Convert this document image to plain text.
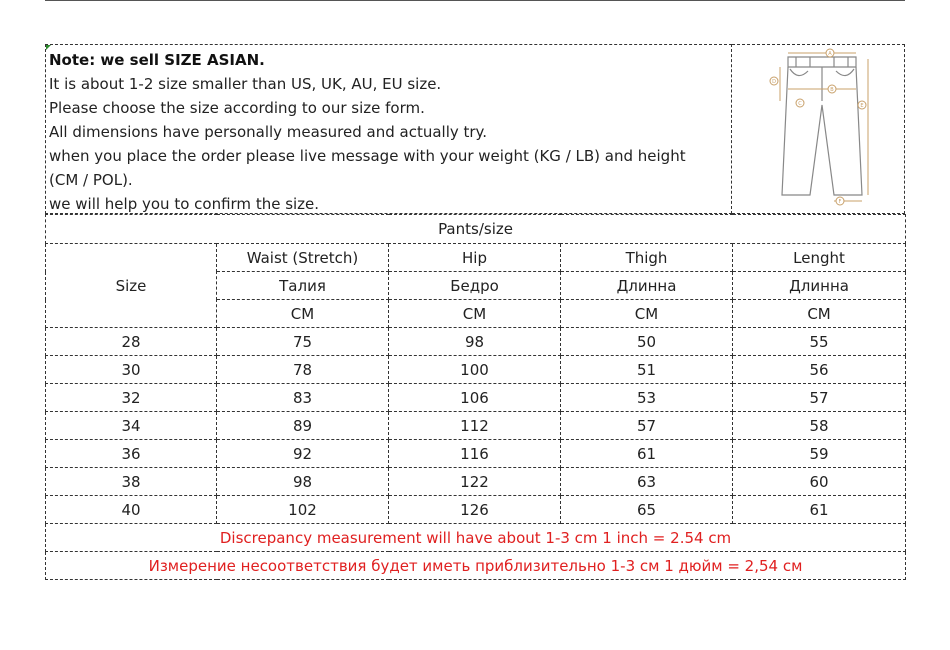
Note: we sell SIZE ASIAN.
It is about 1-2 size smaller than US, UK, AU, EU size.
Please choose the size according to our size form.
All dimensions have personally measured and actually try.
when you place the order please live message with your weight (KG / LB) and height
(CM / POL).
we will help you to confirm the size.
A
B
C
D
E
F
Pants/size				
Size	Waist (Stretch)	Hip	Thigh	Lenght
	Талия	Бедро	Длинна	Длинна
	CM	CM	CM	CM
28	75	98	50	55
30	78	100	51	56
32	83	106	53	57
34	89	112	57	58
36	92	116	61	59
38	98	122	63	60
40	102	126	65	61
Discrepancy measurement will have about 1-3 cm 1 inch = 2.54 cm				
Измерение несоответствия будет иметь приблизительно 1-3 см 1 дюйм = 2,54 см				
